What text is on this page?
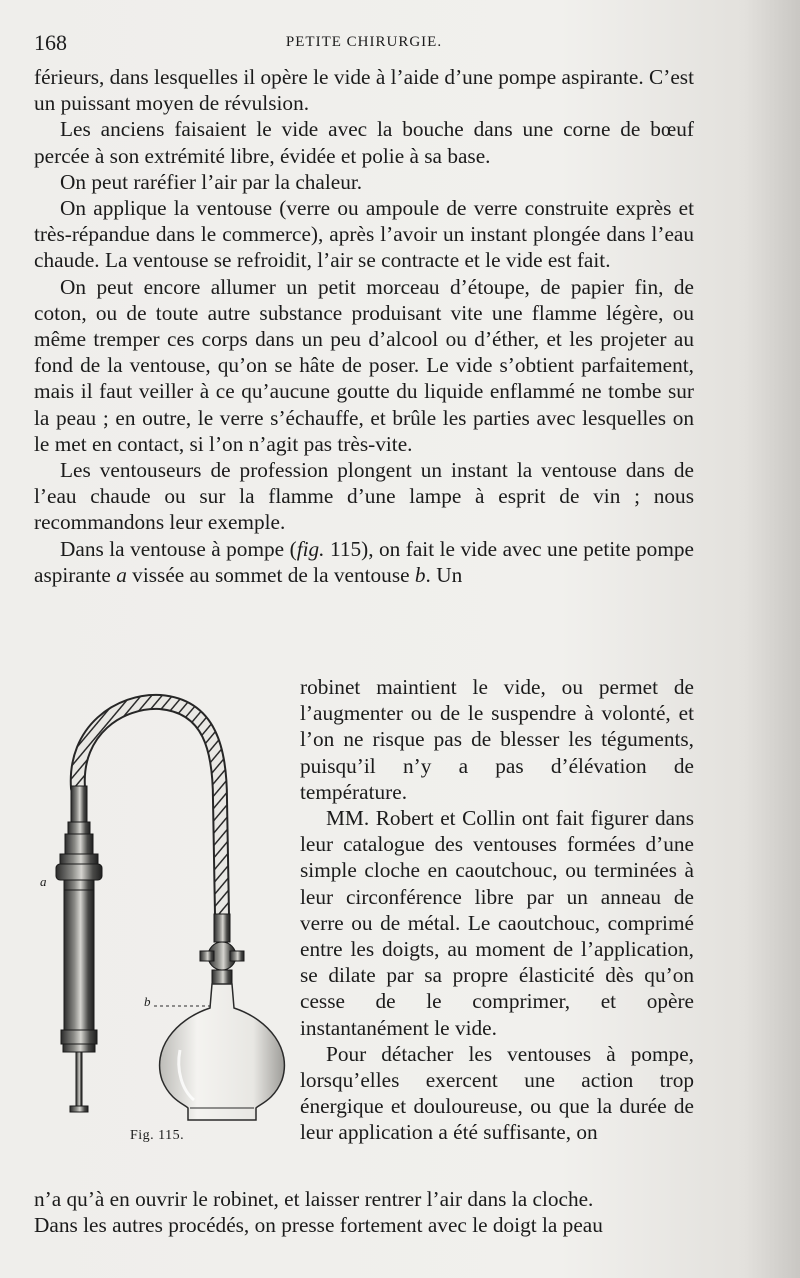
168	PETITE CHIRURGIE.

férieurs, dans lesquelles il opère le vide à l’aide d’une pompe aspirante. C’est un puissant moyen de révulsion.

Les anciens faisaient le vide avec la bouche dans une corne de bœuf percée à son extrémité libre, évidée et polie à sa base.

On peut raréfier l’air par la chaleur.

On applique la ventouse (verre ou ampoule de verre construite exprès et très-répandue dans le commerce), après l’avoir un instant plongée dans l’eau chaude. La ventouse se refroidit, l’air se contracte et le vide est fait.

On peut encore allumer un petit morceau d’étoupe, de papier fin, de coton, ou de toute autre substance produisant vite une flamme légère, ou même tremper ces corps dans un peu d’alcool ou d’éther, et les projeter au fond de la ventouse, qu’on se hâte de poser. Le vide s’obtient parfaitement, mais il faut veiller à ce qu’aucune goutte du liquide enflammé ne tombe sur la peau ; en outre, le verre s’échauffe, et brûle les parties avec lesquelles on le met en contact, si l’on n’agit pas très-vite.

Les ventouseurs de profession plongent un instant la ventouse dans de l’eau chaude ou sur la flamme d’une lampe à esprit de vin ; nous recommandons leur exemple.

Dans la ventouse à pompe (fig. 115), on fait le vide avec une petite pompe aspirante a vissée au sommet de la ventouse b. Un

a
b
Fig. 115.

robinet maintient le vide, ou permet de l’augmenter ou de le suspendre à volonté, et l’on ne risque pas de blesser les téguments, puisqu’il n’y a pas d’élévation de température.

MM. Robert et Collin ont fait figurer dans leur catalogue des ventouses formées d’une simple cloche en caoutchouc, ou terminées à leur circonférence libre par un anneau de verre ou de métal. Le caoutchouc, comprimé entre les doigts, au moment de l’application, se dilate par sa propre élasticité dès qu’on cesse de le comprimer, et opère instantanément le vide.

Pour détacher les ventouses à pompe, lorsqu’elles exercent une action trop énergique et douloureuse, ou que la durée de leur application a été suffisante, on

n’a qu’à en ouvrir le robinet, et laisser rentrer l’air dans la cloche.

Dans les autres procédés, on presse fortement avec le doigt la peau
